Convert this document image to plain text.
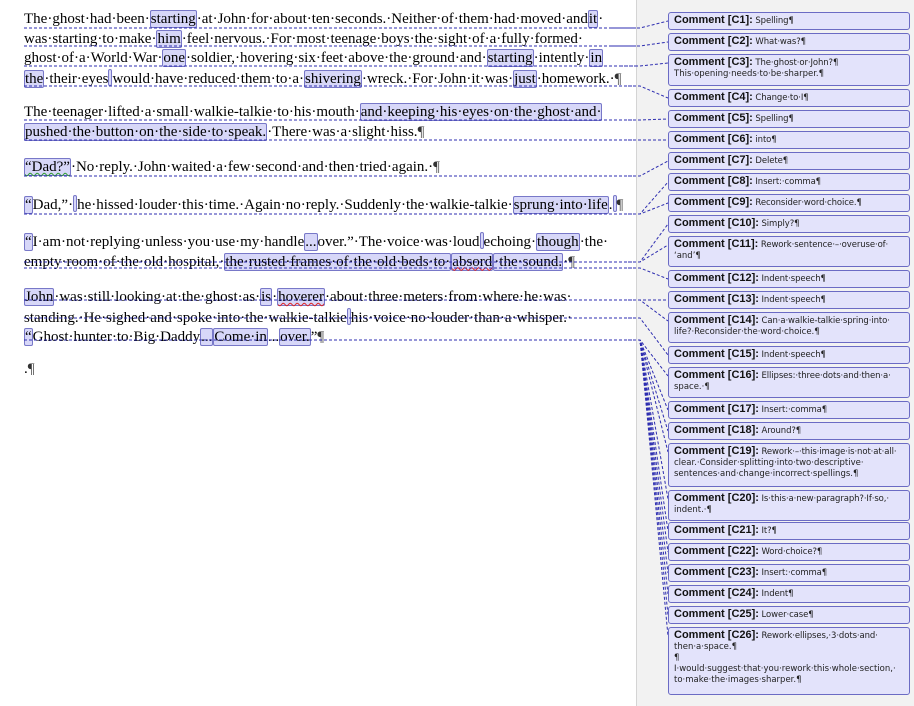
The·ghost·had·been·starting·at·John·for·about·ten·seconds.·Neither·of·them·had·moved·andit·
was·starting·to·make·him·feel·nervous.·For·most·teenage·boys·the·sight·of·a·fully·formed·
ghost·of·a·World·War·one·soldier,·hovering·six·feet·above·the·ground·and·starting·intently·in
the·their·eyes would·have·reduced·them·to·a·shivering·wreck.·For·John·it·was·just·homework.·¶
The·teenager·lifted·a·small·walkie-talkie·to·his·mouth·and·keeping·his·eyes·on·the·ghost·and·
pushed·the·button·on·the·side·to·speak.·There·was·a·slight·hiss.¶
“Dad?”·No·reply.·John·waited·a·few·second·and·then·tried·again.·¶
“Dad,”· he·hissed·louder·this·time.·Again·no·reply.·Suddenly·the·walkie-talkie·sprung·into·life. ¶
“I·am·not·replying·unless·you·use·my·handle...over.”·The·voice·was·loud echoing·though·the·
empty·room·of·the·old·hospital,·the·rusted·frames·of·the·old·beds·to· absord ·the·sound.·¶
John·was·still·looking·at·the·ghost·as·is·hoverer·about·three·meters·from·where·he·was·
standing.·He·sighed·and·spoke·into·the·walkie-talkie his·voice·no·louder·than·a·whisper.·
“Ghost·hunter·to·Big·Daddy... Come·in...over.”¶
.¶
Comment [C1]: Spelling¶
Comment [C2]: What·was?¶
Comment [C3]: The·ghost·or·John?¶
This·opening·needs·to·be·sharper.¶
Comment [C4]: Change·to·I¶
Comment [C5]: Spelling¶
Comment [C6]: into¶
Comment [C7]: Delete¶
Comment [C8]: Insert:·comma¶
Comment [C9]: Reconsider·word·choice.¶
Comment [C10]: Simply?¶
Comment [C11]: Rework·sentence·–·overuse·of·
‘and’¶
Comment [C12]: Indent·speech¶
Comment [C13]: Indent·speech¶
Comment [C14]: Can·a·walkie-talkie·spring·into·
life?·Reconsider·the·word·choice.¶
Comment [C15]: Indent·speech¶
Comment [C16]: Ellipses:·three·dots·and·then·a·
space.·¶
Comment [C17]: Insert:·comma¶
Comment [C18]: Around?¶
Comment [C19]: Rework·–·this·image·is·not·at·all·
clear.·Consider·splitting·into·two·descriptive·
sentences·and·change·incorrect·spellings.¶
Comment [C20]: Is·this·a·new·paragraph?·If·so,·
indent.·¶
Comment [C21]: It?¶
Comment [C22]: Word·choice?¶
Comment [C23]: Insert:·comma¶
Comment [C24]: Indent¶
Comment [C25]: Lower·case¶
Comment [C26]: Rework·ellipses,·3·dots·and·
then·a·space.¶
¶
I·would·suggest·that·you·rework·this·whole·section,·
to·make·the·images·sharper.¶
